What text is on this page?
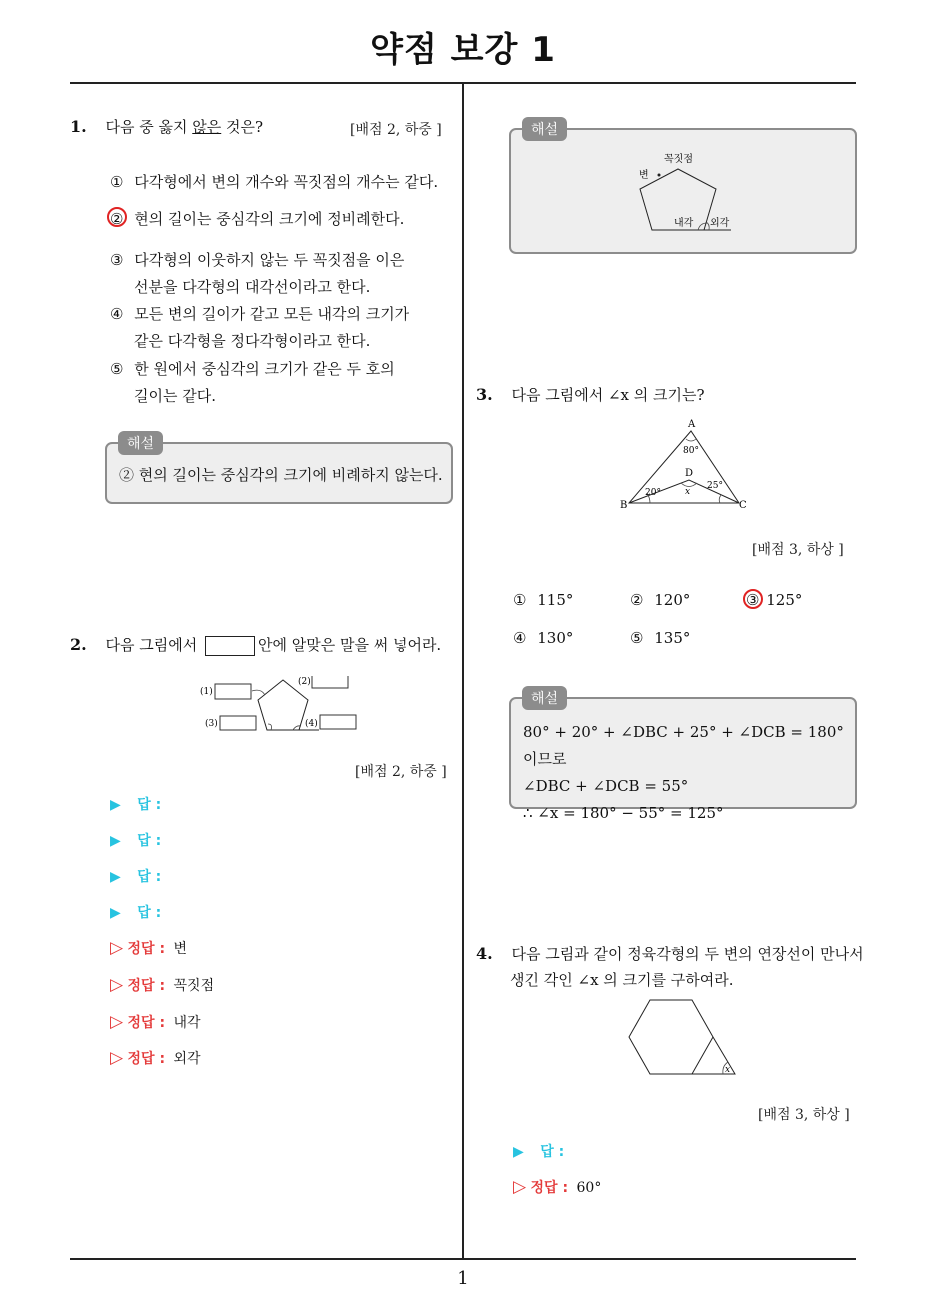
약점 보강 1
1. 다음 중 옳지 않은 것은?	[배점 2, 하중 ]
① 다각형에서 변의 개수와 꼭짓점의 개수는 같다.
② 현의 길이는 중심각의 크기에 정비례한다.
③ 다각형의 이웃하지 않는 두 꼭짓점을 이은
선분을 다각형의 대각선이라고 한다.
④ 모든 변의 길이가 같고 모든 내각의 크기가
같은 다각형을 정다각형이라고 한다.
⑤ 한 원에서 중심각의 크기가 같은 두 호의
길이는 같다.
② 현의 길이는 중심각의 크기에 비례하지 않는다.
해설
2. 다음 그림에서	안에 알맞은 말을 써 넣어라.
(1)
(2)
(3)	(4)
[배점 2, 하중 ]
▶ 답 :
▶ 답 :
▶ 답 :
▶ 답 :
▷ 정답 : 변
▷ 정답 : 꼭짓점
▷ 정답 : 내각
▷ 정답 : 외각
꼭짓점
변
내각 외각
해설
3. 다음 그림에서 ∠x 의 크기는?
A
B	C
D
80°
20°
25°
x
[배점 3, 하상 ]
① 115°	② 120°	③ 125°
④ 130°	⑤ 135°
80° + 20° + ∠DBC + 25° + ∠DCB = 180° 이므로
∠DBC + ∠DCB = 55°
∴ ∠x = 180° − 55° = 125°
해설
4. 다음 그림과 같이 정육각형의 두 변의 연장선이 만나서
생긴 각인 ∠x 의 크기를 구하여라.
x
[배점 3, 하상 ]
▶ 답 :
▷ 정답 : 60°
1
